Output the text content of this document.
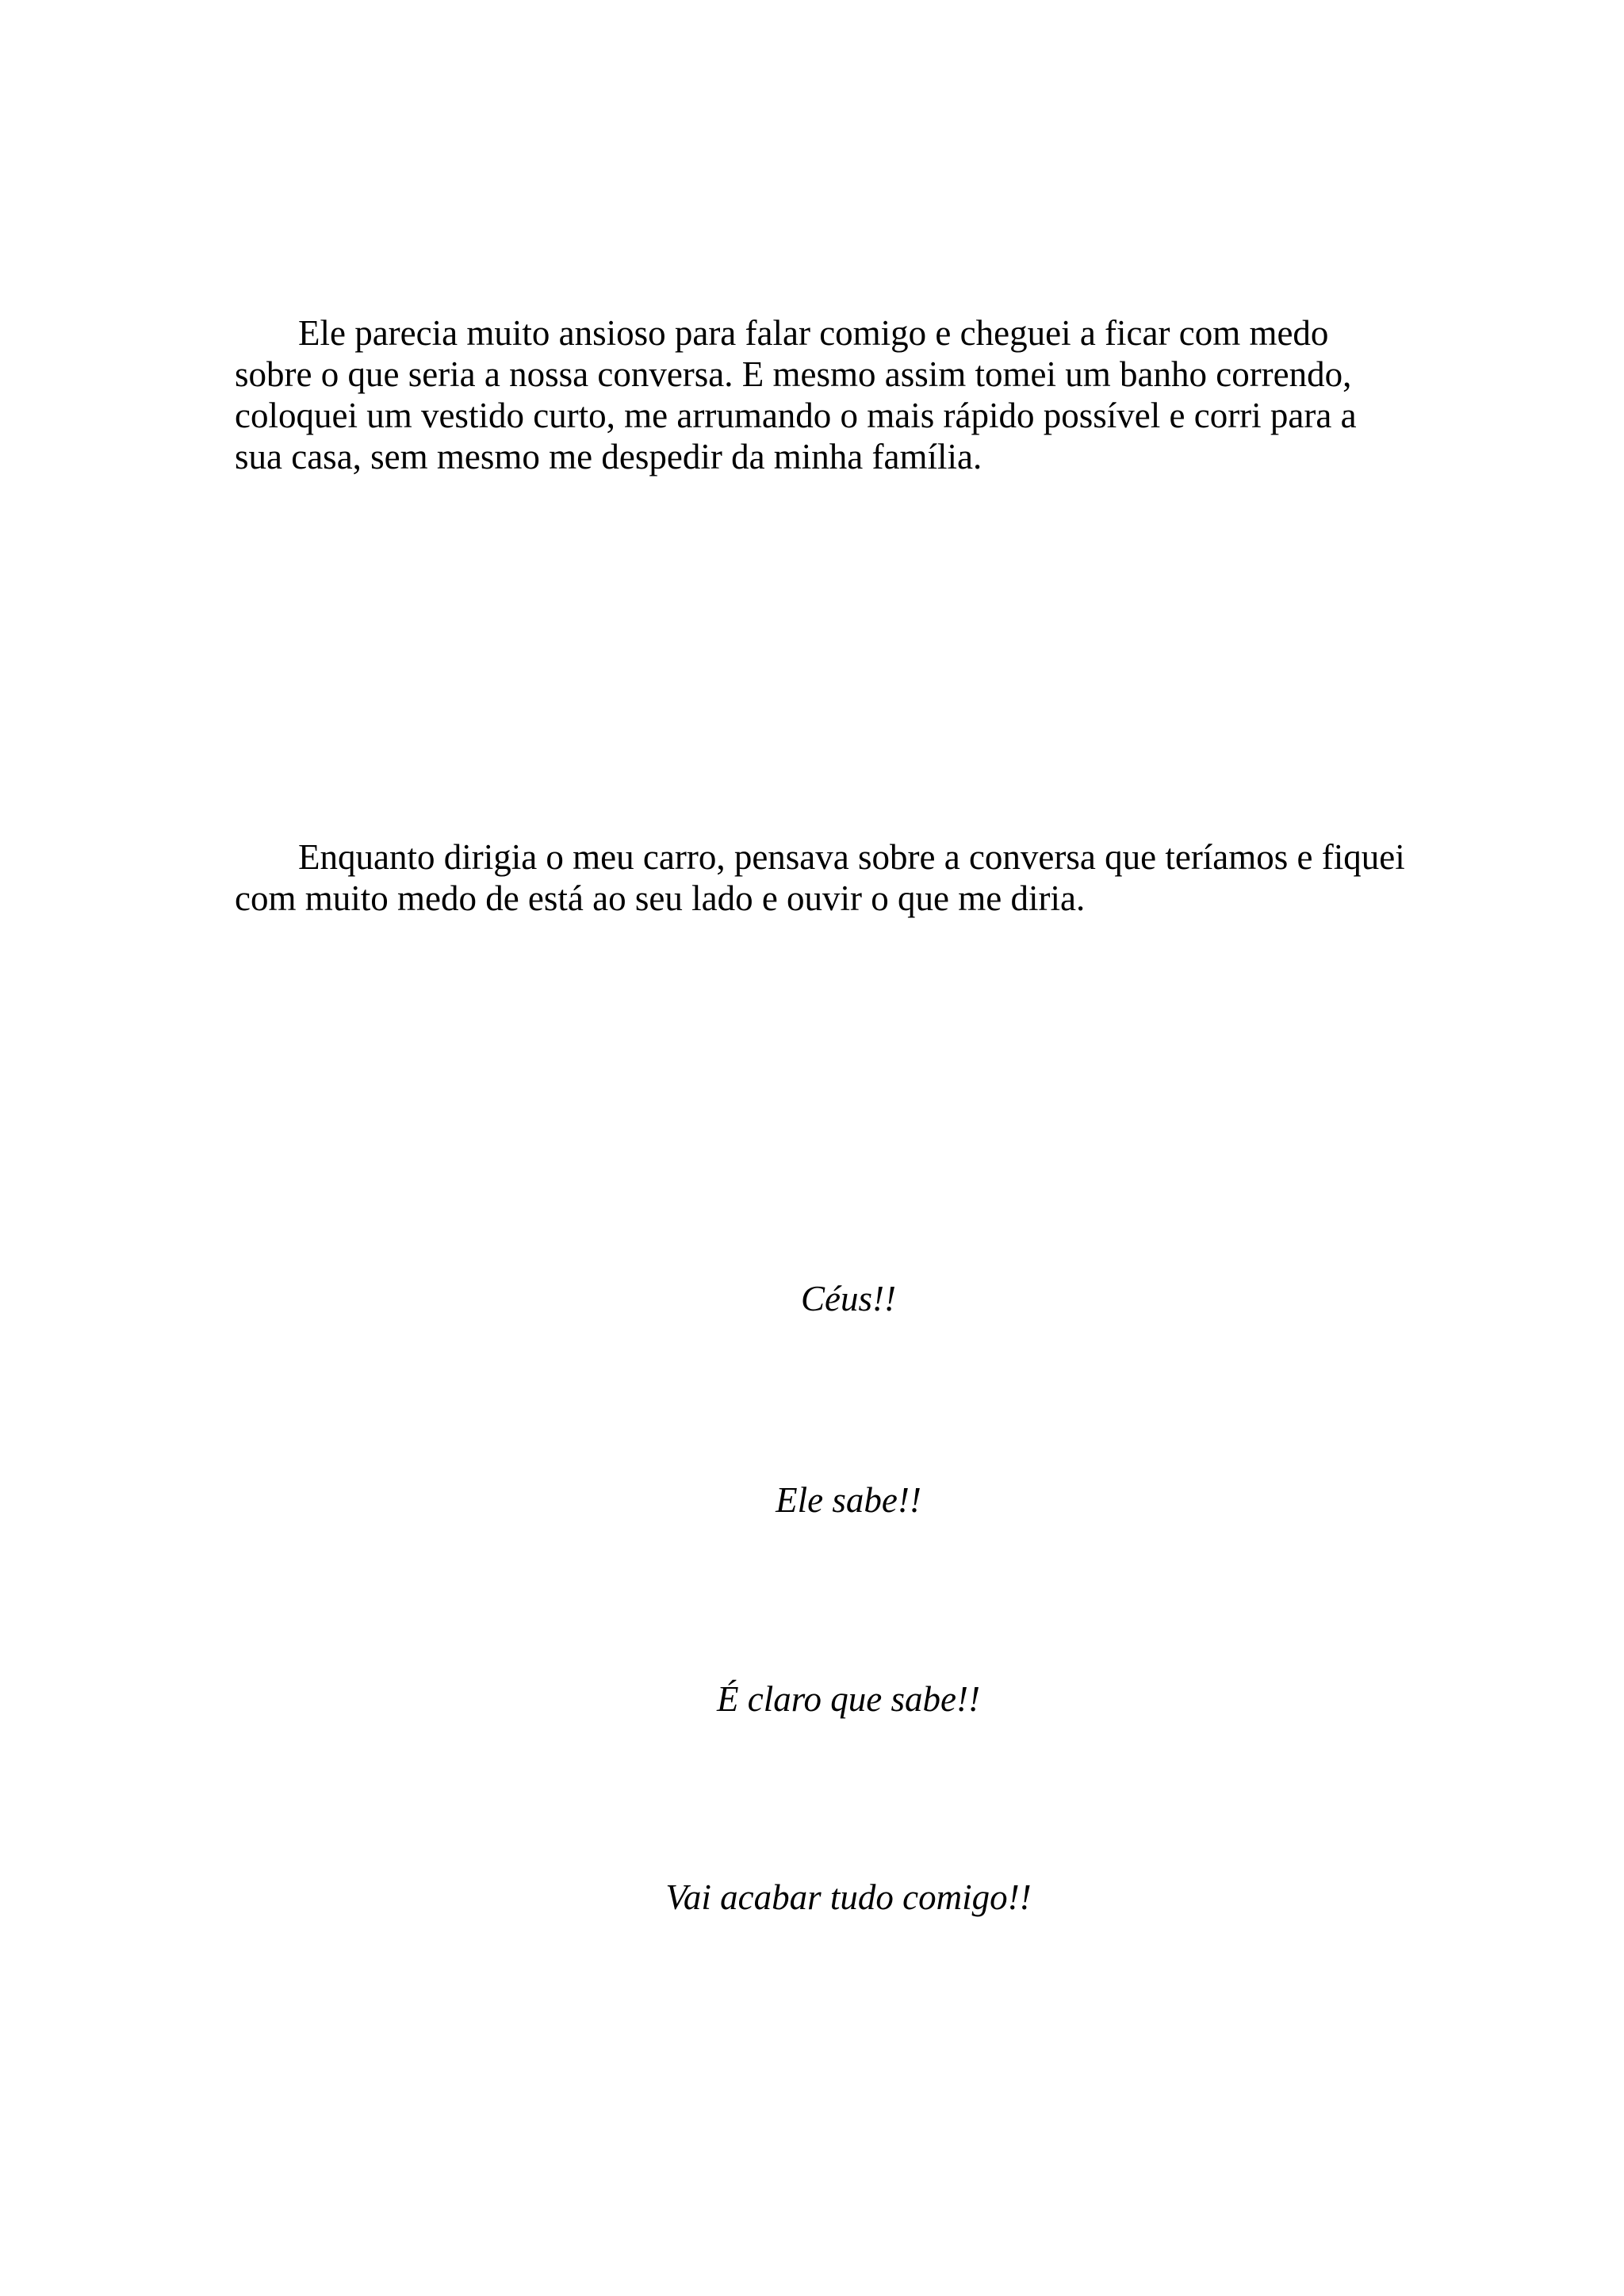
Ele parecia muito ansioso para falar comigo e cheguei a ficar com medo sobre o que seria a nossa conversa. E mesmo assim tomei um banho correndo, coloquei um vestido curto, me arrumando o mais rápido possível e corri para a sua casa, sem mesmo me despedir da minha família.

Enquanto dirigia o meu carro, pensava sobre a conversa que teríamos e fiquei com muito medo de está ao seu lado e ouvir o que me diria.

Céus!!

Ele sabe!!

É claro que sabe!!

Vai acabar tudo comigo!!
